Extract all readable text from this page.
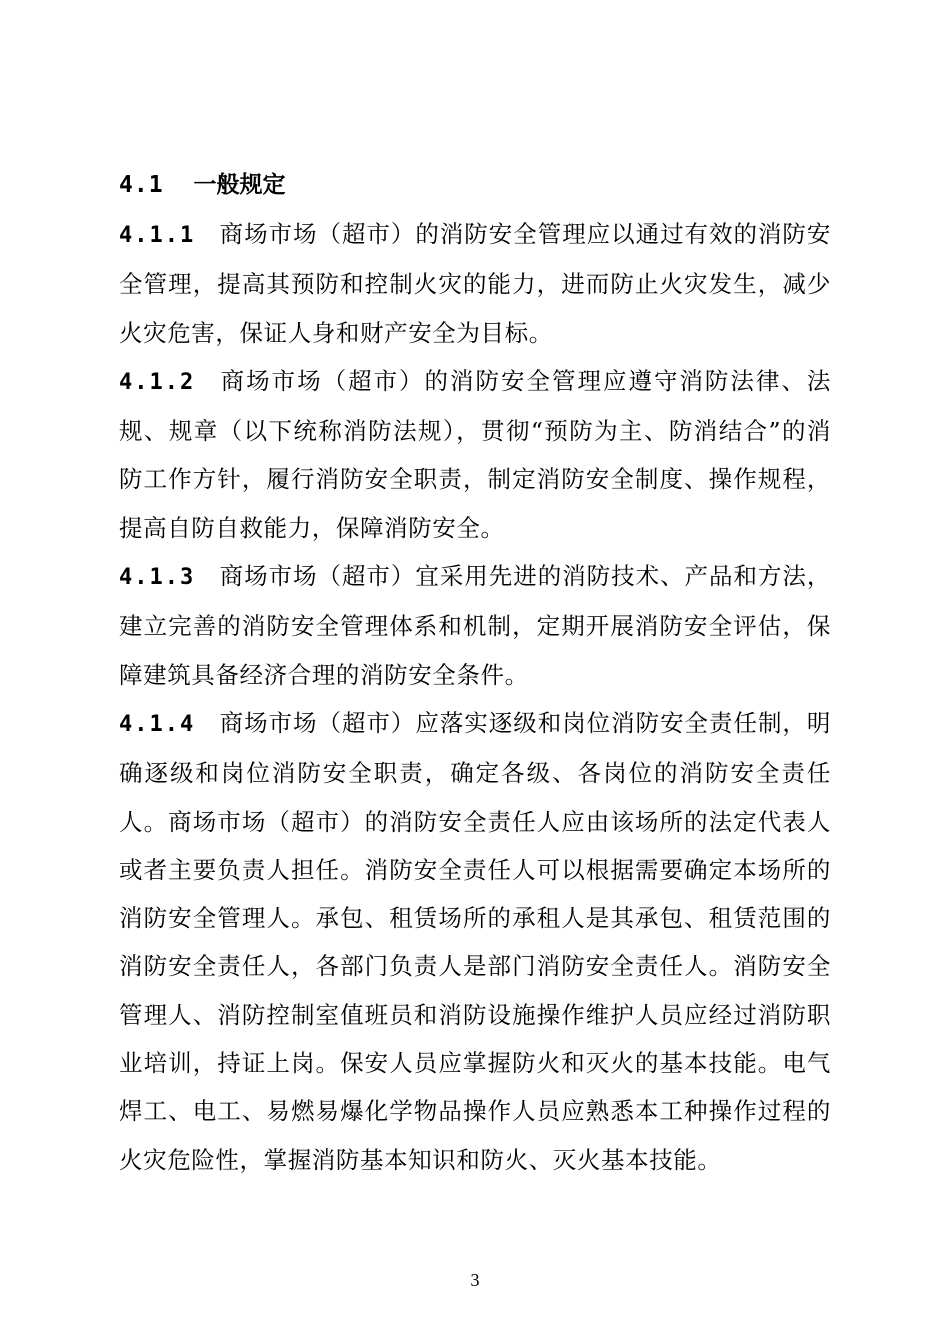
4.1 一般规定

4.1.1 商场市场（超市）的消防安全管理应以通过有效的消防安全管理，提高其预防和控制火灾的能力，进而防止火灾发生，减少火灾危害，保证人身和财产安全为目标。

4.1.2 商场市场（超市）的消防安全管理应遵守消防法律、法规、规章（以下统称消防法规），贯彻“预防为主、防消结合”的消防工作方针，履行消防安全职责，制定消防安全制度、操作规程，提高自防自救能力，保障消防安全。

4.1.3 商场市场（超市）宜采用先进的消防技术、产品和方法，建立完善的消防安全管理体系和机制，定期开展消防安全评估，保障建筑具备经济合理的消防安全条件。

4.1.4 商场市场（超市）应落实逐级和岗位消防安全责任制，明确逐级和岗位消防安全职责，确定各级、各岗位的消防安全责任人。商场市场（超市）的消防安全责任人应由该场所的法定代表人或者主要负责人担任。消防安全责任人可以根据需要确定本场所的消防安全管理人。承包、租赁场所的承租人是其承包、租赁范围的消防安全责任人，各部门负责人是部门消防安全责任人。消防安全管理人、消防控制室值班员和消防设施操作维护人员应经过消防职业培训，持证上岗。保安人员应掌握防火和灭火的基本技能。电气焊工、电工、易燃易爆化学物品操作人员应熟悉本工种操作过程的火灾危险性，掌握消防基本知识和防火、灭火基本技能。

3
